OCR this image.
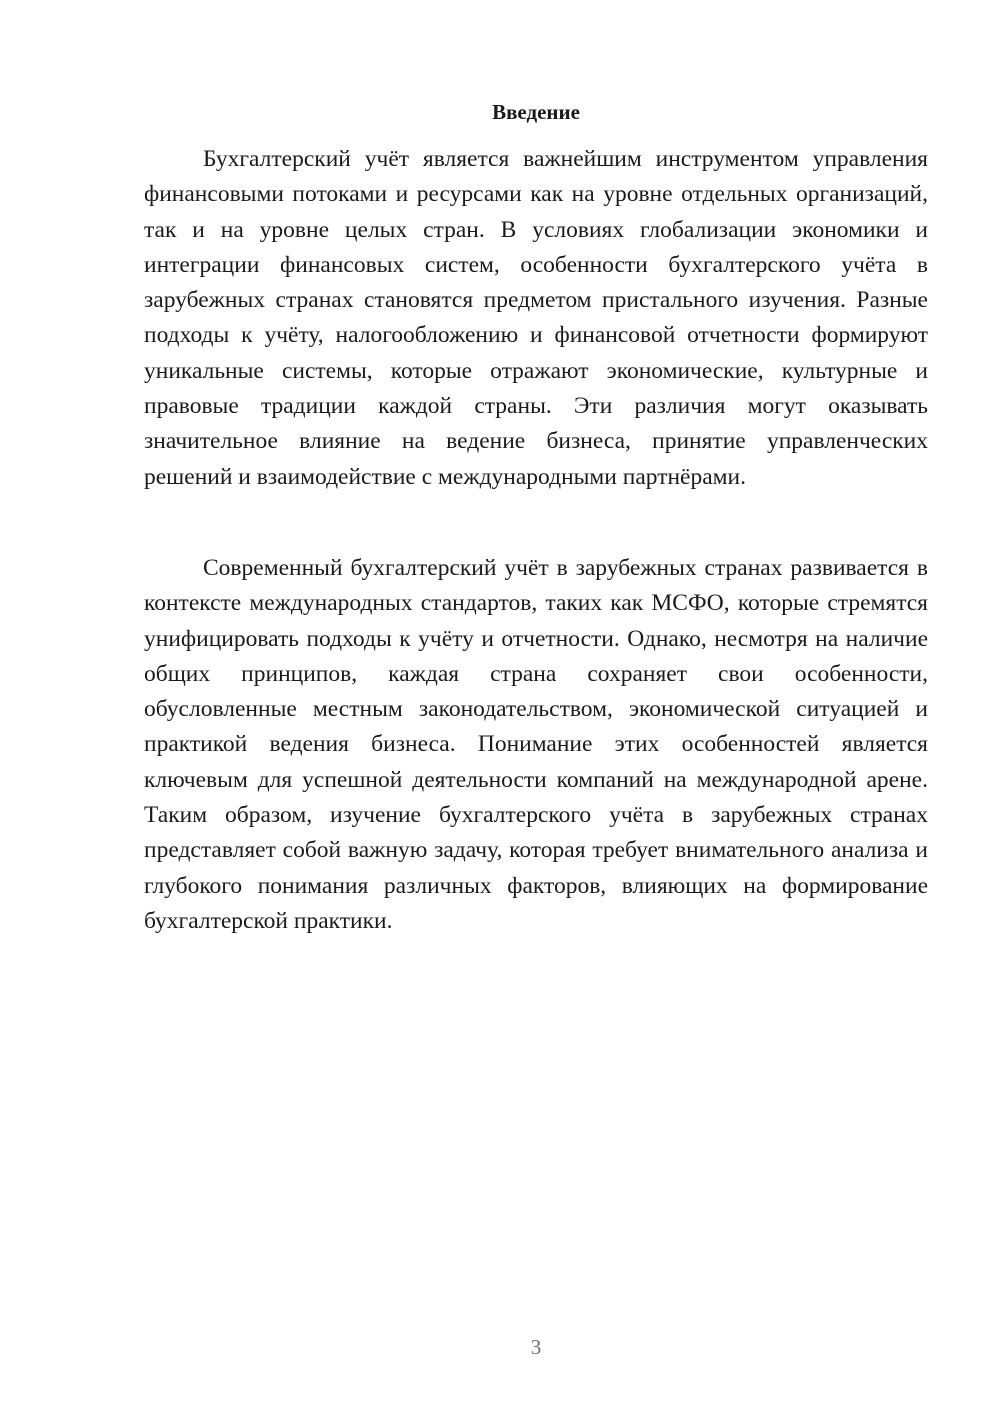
Введение

Бухгалтерский учёт является важнейшим инструментом управления финансовыми потоками и ресурсами как на уровне отдельных организаций, так и на уровне целых стран. В условиях глобализации экономики и интеграции финансовых систем, особенности бухгалтерского учёта в зарубежных странах становятся предметом пристального изучения. Разные подходы к учёту, налогообложению и финансовой отчетности формируют уникальные системы, которые отражают экономические, культурные и правовые традиции каждой страны. Эти различия могут оказывать значительное влияние на ведение бизнеса, принятие управленческих решений и взаимодействие с международными партнёрами.

Современный бухгалтерский учёт в зарубежных странах развивается в контексте международных стандартов, таких как МСФО, которые стремятся унифицировать подходы к учёту и отчетности. Однако, несмотря на наличие общих принципов, каждая страна сохраняет свои особенности, обусловленные местным законодательством, экономической ситуацией и практикой ведения бизнеса. Понимание этих особенностей является ключевым для успешной деятельности компаний на международной арене. Таким образом, изучение бухгалтерского учёта в зарубежных странах представляет собой важную задачу, которая требует внимательного анализа и глубокого понимания различных факторов, влияющих на формирование бухгалтерской практики.

3
